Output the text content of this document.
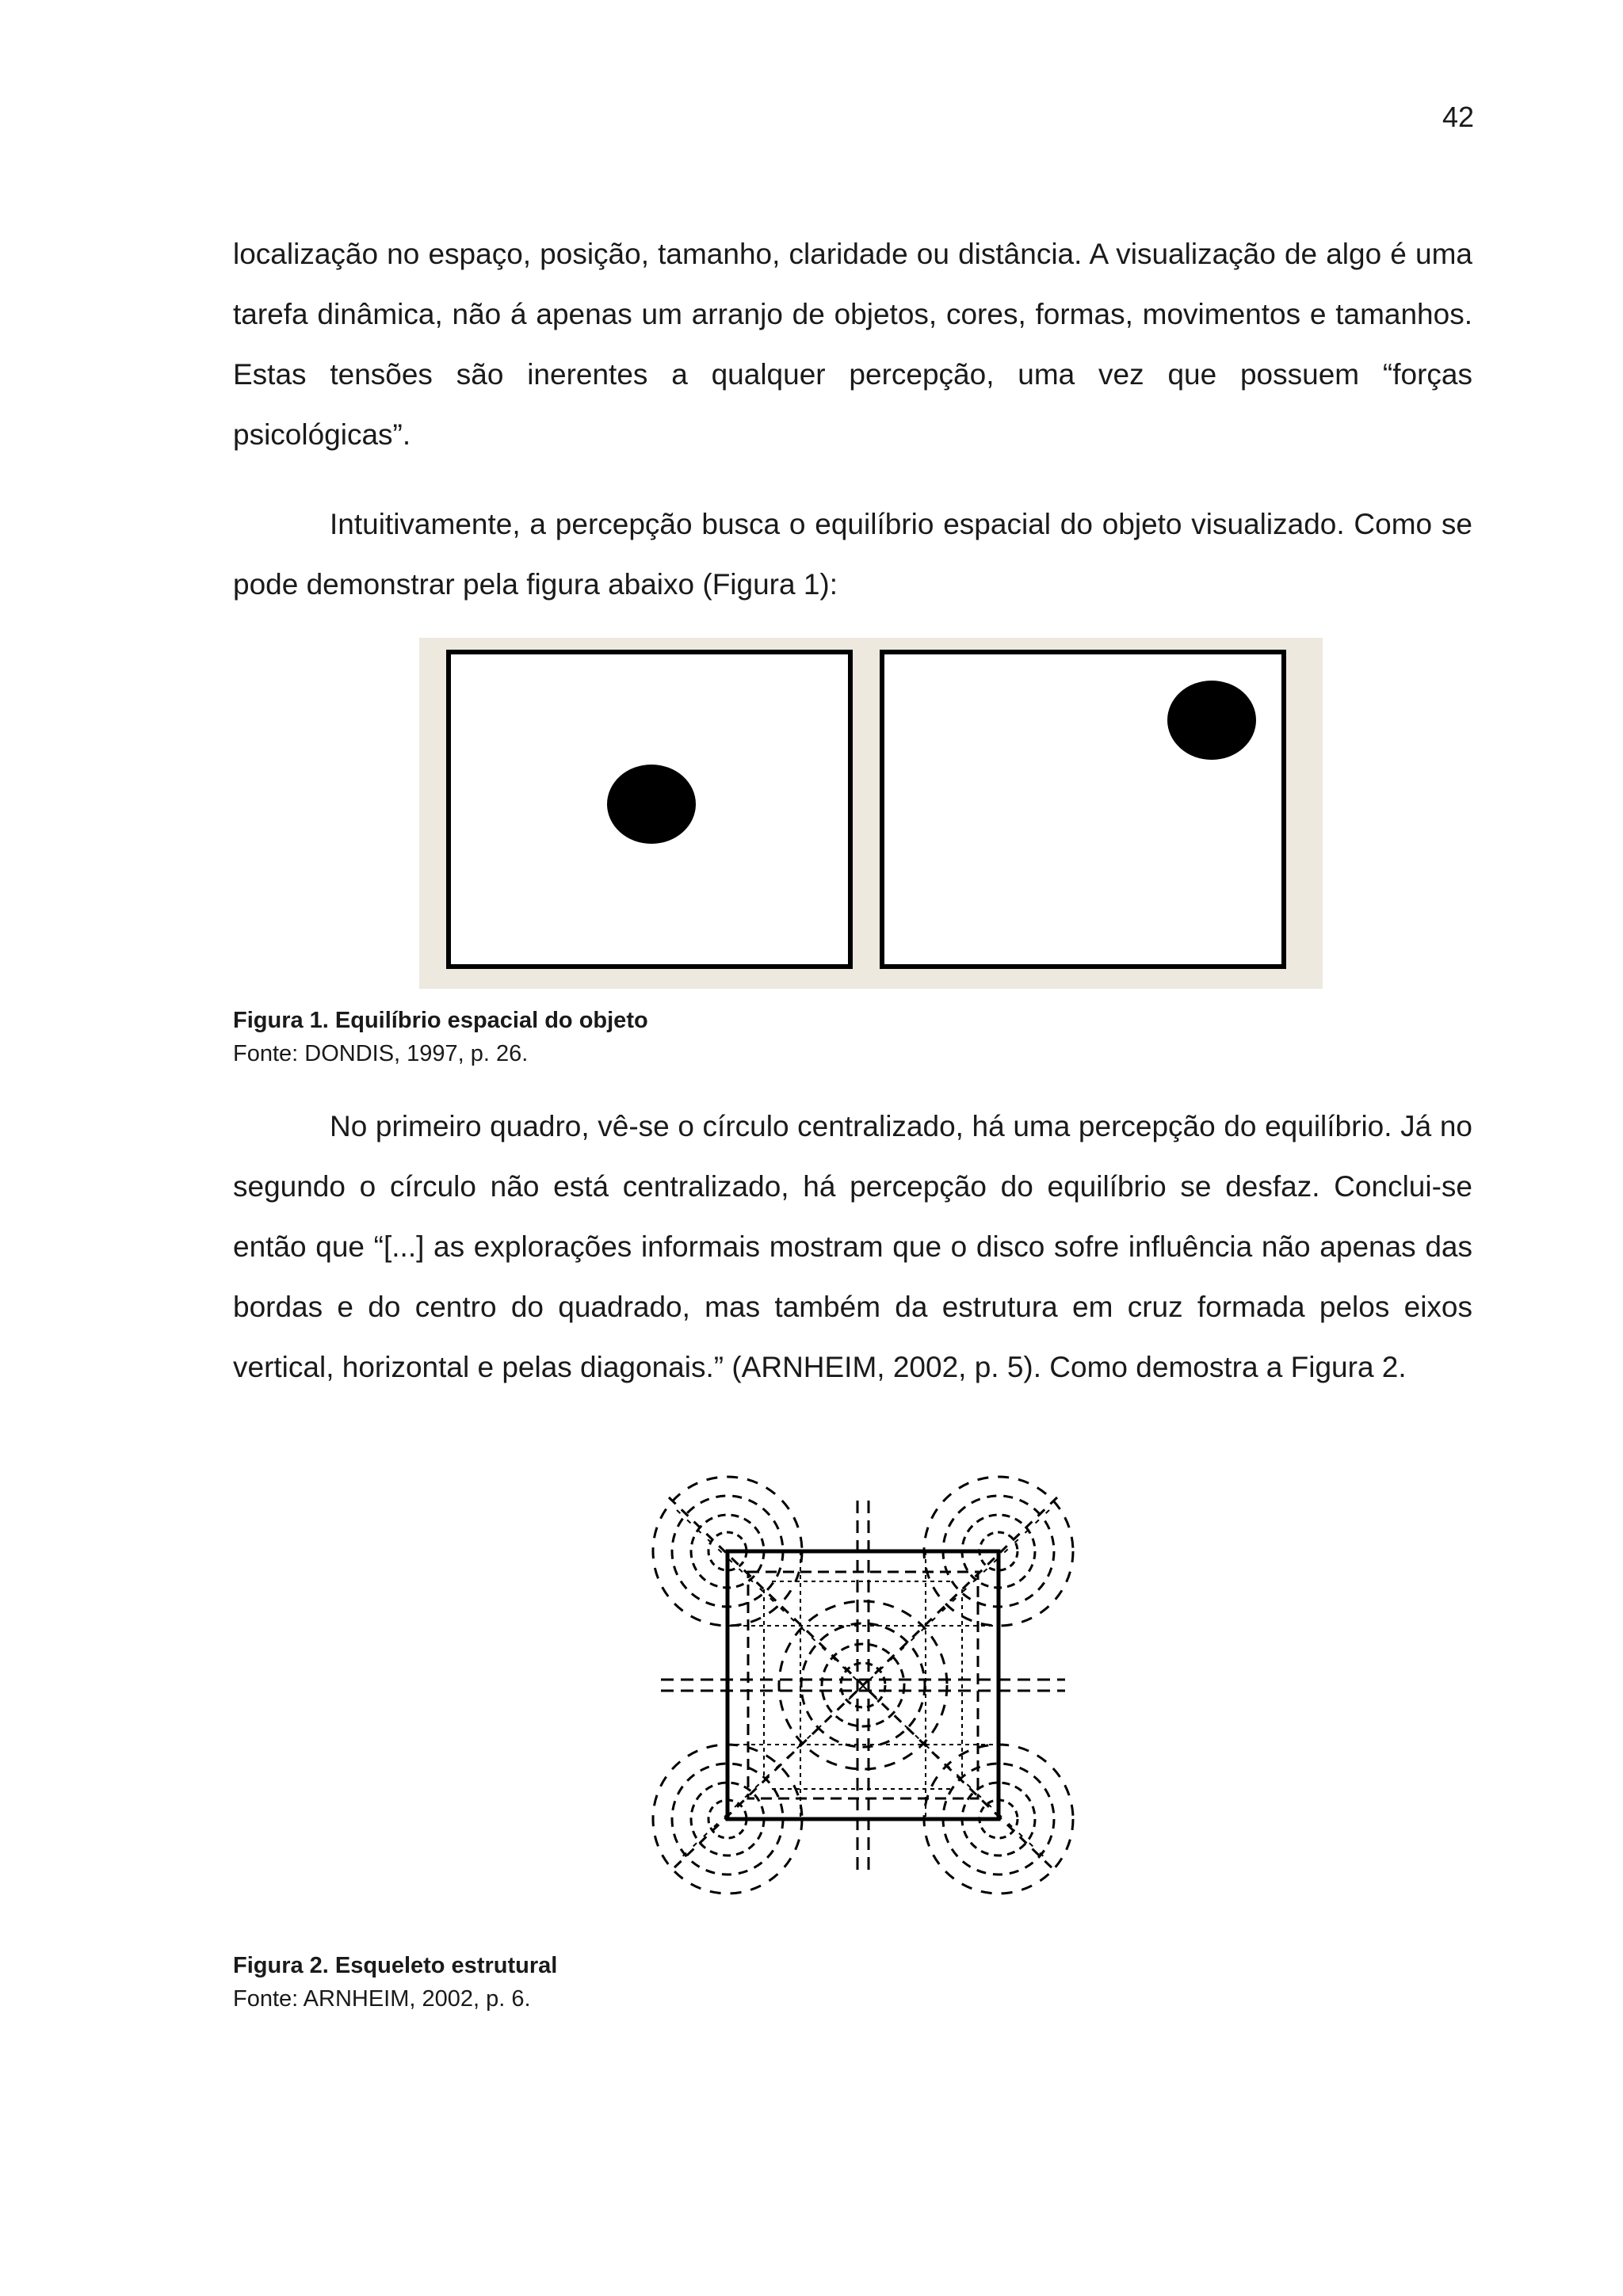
42

localização no espaço, posição, tamanho, claridade ou distância. A visualização de algo é uma tarefa dinâmica, não á apenas um arranjo de objetos, cores, formas, movimentos e tamanhos. Estas tensões são inerentes a qualquer percepção, uma vez que possuem “forças psicológicas”.

Intuitivamente, a percepção busca o equilíbrio espacial do objeto visualizado. Como se pode demonstrar pela figura abaixo (Figura 1):

Figura 1. Equilíbrio espacial do objeto
Fonte: DONDIS, 1997, p. 26.

No primeiro quadro, vê-se o círculo centralizado, há uma percepção do equilíbrio. Já no segundo o círculo não está centralizado, há percepção do equilíbrio se desfaz. Conclui-se então que “[...] as explorações informais mostram que o disco sofre influência não apenas das bordas e do centro do quadrado, mas também da estrutura em cruz formada pelos eixos vertical, horizontal e pelas diagonais.” (ARNHEIM, 2002, p. 5). Como demostra a Figura 2.

Figura 2. Esqueleto estrutural
Fonte: ARNHEIM, 2002, p. 6.
